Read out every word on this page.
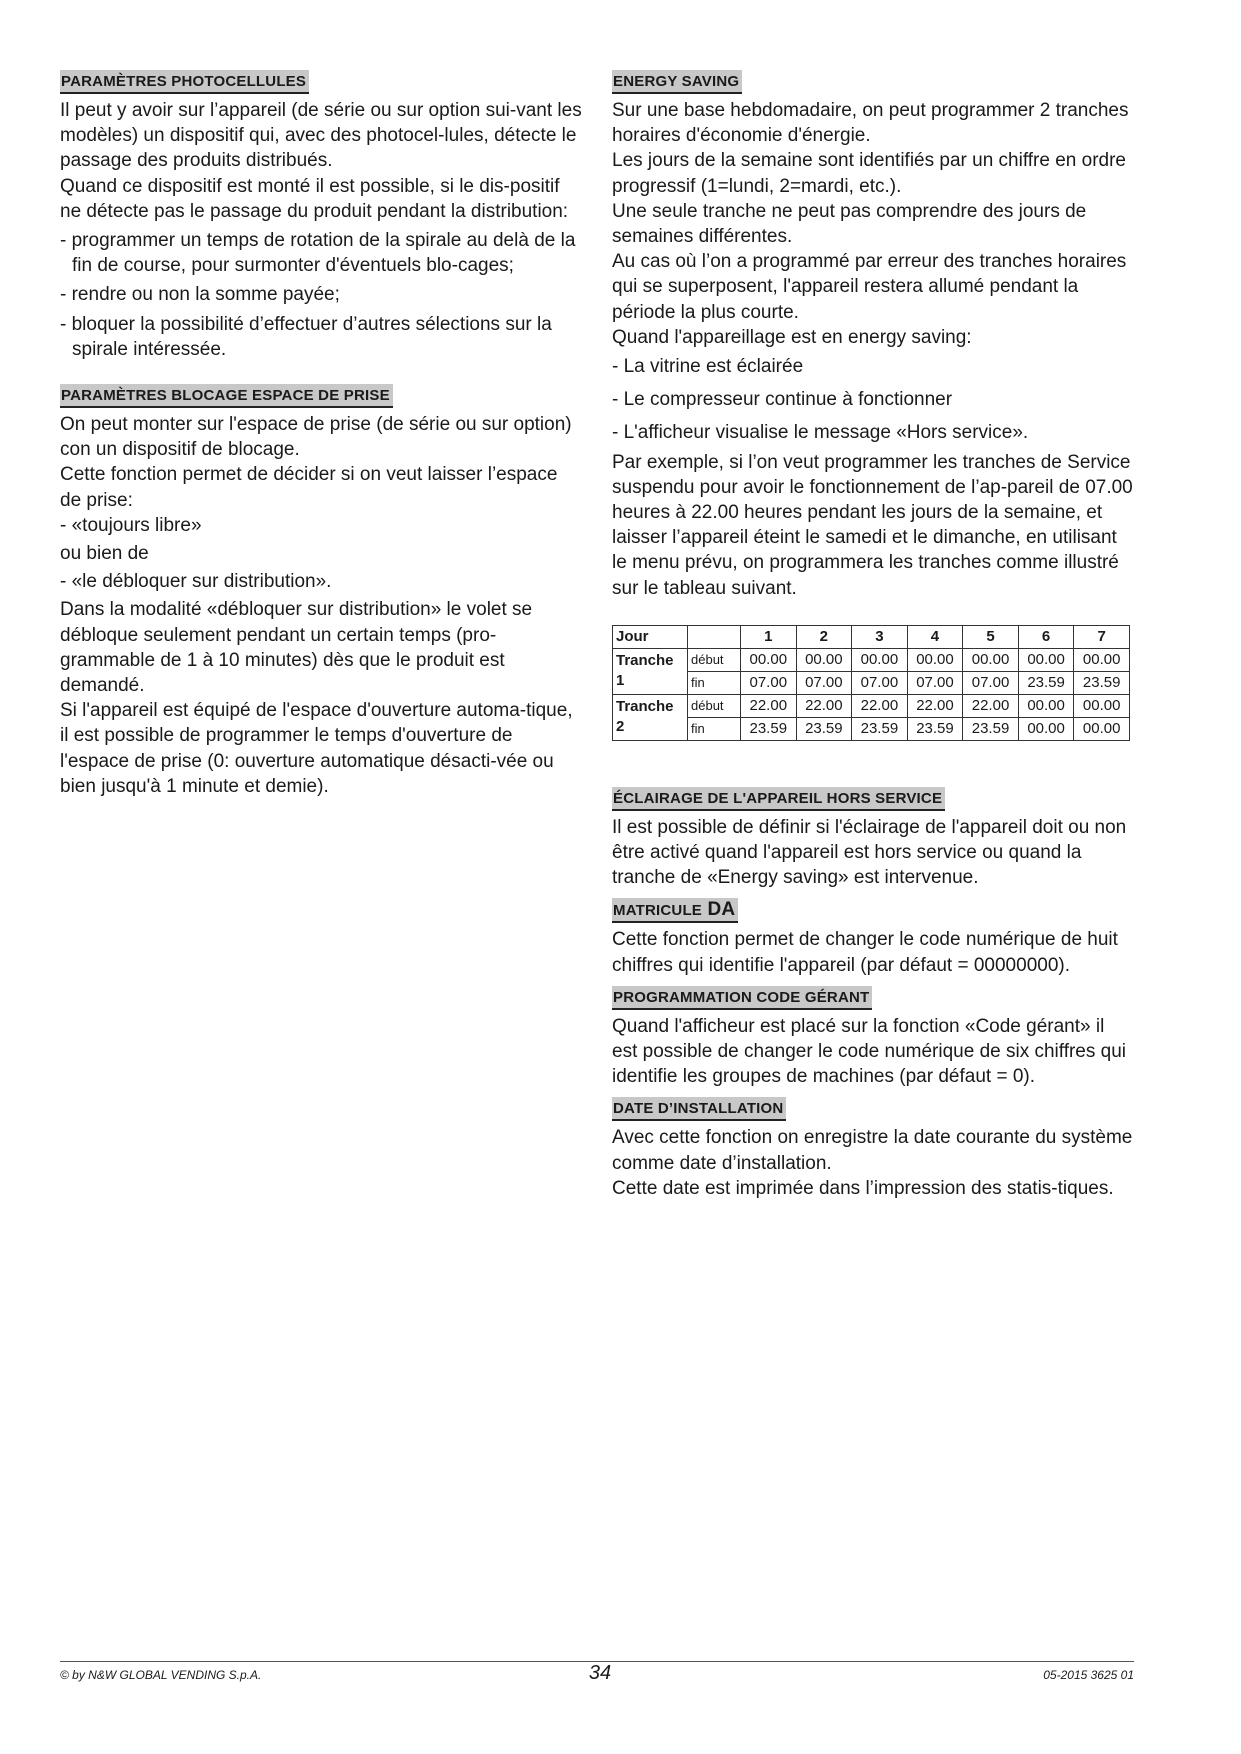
PARAMÈTRES PHOTOCELLULES

Il peut y avoir sur l’appareil (de série ou sur option sui-vant les modèles) un dispositif qui, avec des photocel-lules, détecte le passage des produits distribués.

Quand ce dispositif est monté il est possible, si le dis-positif ne détecte pas le passage du produit pendant la distribution:

- programmer un temps de rotation de la spirale au delà de la fin de course, pour surmonter d'éventuels blo-cages;

- rendre ou non la somme payée;

- bloquer la possibilité d’effectuer d’autres sélections sur la spirale intéressée.

PARAMÈTRES BLOCAGE ESPACE DE PRISE

On peut monter sur l'espace de prise (de série ou sur option) con un dispositif de blocage.

Cette fonction permet de décider si on veut laisser l’espace de prise:

- «toujours libre»

ou bien de

- «le débloquer sur distribution».

Dans la modalité «débloquer sur distribution» le volet se débloque seulement pendant un certain temps (pro-grammable de 1 à 10 minutes) dès que le produit est demandé.

Si l'appareil est équipé de l'espace d'ouverture automa-tique, il est possible de programmer le temps d'ouverture de l'espace de prise (0: ouverture automatique désacti-vée ou bien jusqu'à 1 minute et demie).

ENERGY SAVING

Sur une base hebdomadaire, on peut programmer 2 tranches horaires d'économie d'énergie.

Les jours de la semaine sont identifiés par un chiffre en ordre progressif (1=lundi, 2=mardi, etc.).

Une seule tranche ne peut pas comprendre des jours de semaines différentes.

Au cas où l’on a programmé par erreur des tranches horaires qui se superposent, l'appareil restera allumé pendant la période la plus courte.

Quand l'appareillage est en energy saving:

- La vitrine est éclairée

- Le compresseur continue à fonctionner

- L'afficheur visualise le message «Hors service».

Par exemple, si l’on veut programmer les tranches de Service suspendu pour avoir le fonctionnement de l’ap-pareil de 07.00 heures à 22.00 heures pendant les jours de la semaine, et laisser l’appareil éteint le samedi et le dimanche, en utilisant le menu prévu, on programmera les tranches comme illustré sur le tableau suivant.

Jour		1	2	3	4	5	6	7
Tranche
1	début	00.00	00.00	00.00	00.00	00.00	00.00	00.00
	fin	07.00	07.00	07.00	07.00	07.00	23.59	23.59
Tranche
2	début	22.00	22.00	22.00	22.00	22.00	00.00	00.00
	fin	23.59	23.59	23.59	23.59	23.59	00.00	00.00
ÉCLAIRAGE DE L'APPAREIL HORS SERVICE

Il est possible de définir si l'éclairage de l'appareil doit ou non être activé quand l'appareil est hors service ou quand la tranche de «Energy saving» est intervenue.

MATRICULE DA

Cette fonction permet de changer le code numérique de huit chiffres qui identifie l'appareil (par défaut = 00000000).

PROGRAMMATION CODE GÉRANT

Quand l'afficheur est placé sur la fonction «Code gérant» il est possible de changer le code numérique de six chiffres qui identifie les groupes de machines (par défaut = 0).

DATE D’INSTALLATION

Avec cette fonction on enregistre la date courante du système comme date d’installation.

Cette date est imprimée dans l’impression des statis-tiques.

© by N&W GLOBAL VENDING S.p.A.	34	05-2015 3625 01
